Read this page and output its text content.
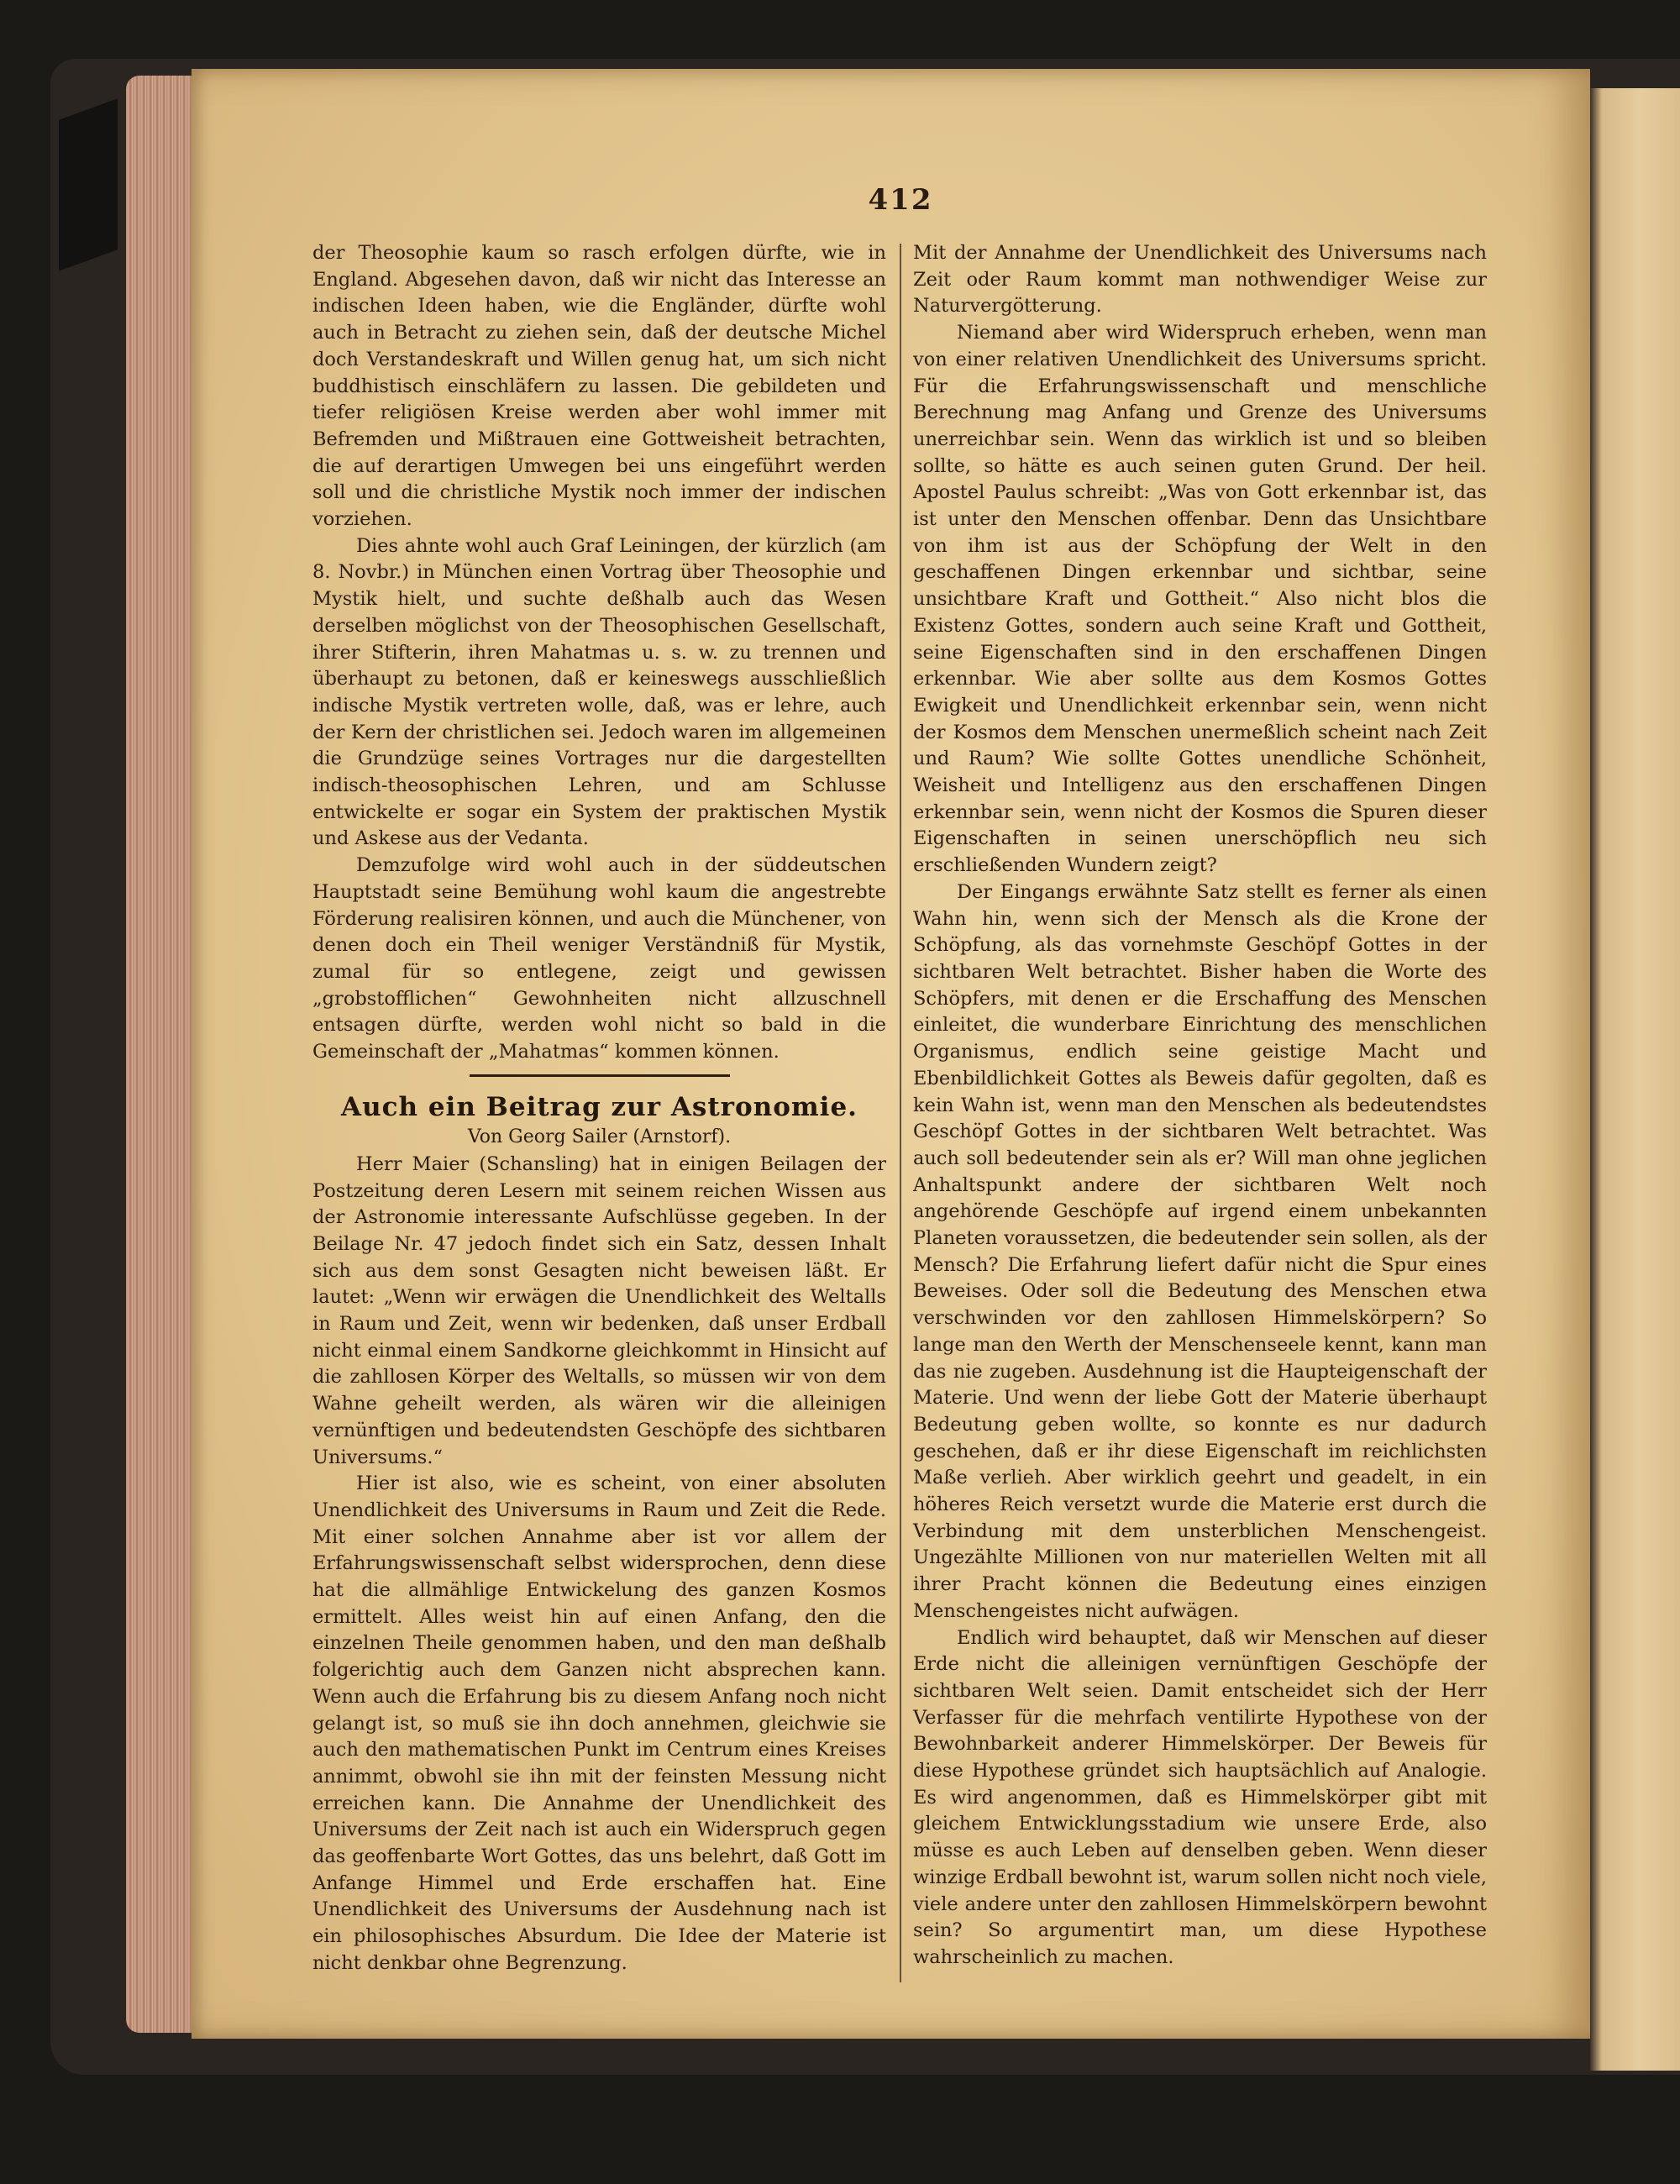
412

der Theosophie kaum so rasch erfolgen dürfte, wie in England. Abgesehen davon, daß wir nicht das Interesse an indischen Ideen haben, wie die Engländer, dürfte wohl auch in Betracht zu ziehen sein, daß der deutsche Michel doch Verstandeskraft und Willen genug hat, um sich nicht buddhistisch einschläfern zu lassen. Die gebildeten und tiefer religiösen Kreise werden aber wohl immer mit Befremden und Mißtrauen eine Gottweisheit betrachten, die auf derartigen Umwegen bei uns eingeführt werden soll und die christliche Mystik noch immer der indischen vorziehen.

Dies ahnte wohl auch Graf Leiningen, der kürzlich (am 8. Novbr.) in München einen Vortrag über Theosophie und Mystik hielt, und suchte deßhalb auch das Wesen derselben möglichst von der Theosophischen Gesellschaft, ihrer Stifterin, ihren Mahatmas u. s. w. zu trennen und überhaupt zu betonen, daß er keineswegs ausschließlich indische Mystik vertreten wolle, daß, was er lehre, auch der Kern der christlichen sei. Jedoch waren im allgemeinen die Grundzüge seines Vortrages nur die dargestellten indisch-theosophischen Lehren, und am Schlusse entwickelte er sogar ein System der praktischen Mystik und Askese aus der Vedanta.

Demzufolge wird wohl auch in der süddeutschen Hauptstadt seine Bemühung wohl kaum die angestrebte Förderung realisiren können, und auch die Münchener, von denen doch ein Theil weniger Verständniß für Mystik, zumal für so entlegene, zeigt und gewissen „grobstofflichen“ Gewohnheiten nicht allzuschnell entsagen dürfte, werden wohl nicht so bald in die Gemeinschaft der „Mahatmas“ kommen können.

Auch ein Beitrag zur Astronomie.
Von Georg Sailer (Arnstorf).

Herr Maier (Schansling) hat in einigen Beilagen der Postzeitung deren Lesern mit seinem reichen Wissen aus der Astronomie interessante Aufschlüsse gegeben. In der Beilage Nr. 47 jedoch findet sich ein Satz, dessen Inhalt sich aus dem sonst Gesagten nicht beweisen läßt. Er lautet: „Wenn wir erwägen die Unendlichkeit des Weltalls in Raum und Zeit, wenn wir bedenken, daß unser Erdball nicht einmal einem Sandkorne gleichkommt in Hinsicht auf die zahllosen Körper des Weltalls, so müssen wir von dem Wahne geheilt werden, als wären wir die alleinigen vernünftigen und bedeutendsten Geschöpfe des sichtbaren Universums.“

Hier ist also, wie es scheint, von einer absoluten Unendlichkeit des Universums in Raum und Zeit die Rede. Mit einer solchen Annahme aber ist vor allem der Erfahrungswissenschaft selbst widersprochen, denn diese hat die allmählige Entwickelung des ganzen Kosmos ermittelt. Alles weist hin auf einen Anfang, den die einzelnen Theile genommen haben, und den man deßhalb folgerichtig auch dem Ganzen nicht absprechen kann. Wenn auch die Erfahrung bis zu diesem Anfang noch nicht gelangt ist, so muß sie ihn doch annehmen, gleichwie sie auch den mathematischen Punkt im Centrum eines Kreises annimmt, obwohl sie ihn mit der feinsten Messung nicht erreichen kann. Die Annahme der Unendlichkeit des Universums der Zeit nach ist auch ein Widerspruch gegen das geoffenbarte Wort Gottes, das uns belehrt, daß Gott im Anfange Himmel und Erde erschaffen hat. Eine Unendlichkeit des Universums der Ausdehnung nach ist ein philosophisches Absurdum. Die Idee der Materie ist nicht denkbar ohne Begrenzung.

Mit der Annahme der Unendlichkeit des Universums nach Zeit oder Raum kommt man nothwendiger Weise zur Naturvergötterung.

Niemand aber wird Widerspruch erheben, wenn man von einer relativen Unendlichkeit des Universums spricht. Für die Erfahrungswissenschaft und menschliche Berechnung mag Anfang und Grenze des Universums unerreichbar sein. Wenn das wirklich ist und so bleiben sollte, so hätte es auch seinen guten Grund. Der heil. Apostel Paulus schreibt: „Was von Gott erkennbar ist, das ist unter den Menschen offenbar. Denn das Unsichtbare von ihm ist aus der Schöpfung der Welt in den geschaffenen Dingen erkennbar und sichtbar, seine unsichtbare Kraft und Gottheit.“ Also nicht blos die Existenz Gottes, sondern auch seine Kraft und Gottheit, seine Eigenschaften sind in den erschaffenen Dingen erkennbar. Wie aber sollte aus dem Kosmos Gottes Ewigkeit und Unendlichkeit erkennbar sein, wenn nicht der Kosmos dem Menschen unermeßlich scheint nach Zeit und Raum? Wie sollte Gottes unendliche Schönheit, Weisheit und Intelligenz aus den erschaffenen Dingen erkennbar sein, wenn nicht der Kosmos die Spuren dieser Eigenschaften in seinen unerschöpflich neu sich erschließenden Wundern zeigt?

Der Eingangs erwähnte Satz stellt es ferner als einen Wahn hin, wenn sich der Mensch als die Krone der Schöpfung, als das vornehmste Geschöpf Gottes in der sichtbaren Welt betrachtet. Bisher haben die Worte des Schöpfers, mit denen er die Erschaffung des Menschen einleitet, die wunderbare Einrichtung des menschlichen Organismus, endlich seine geistige Macht und Ebenbildlichkeit Gottes als Beweis dafür gegolten, daß es kein Wahn ist, wenn man den Menschen als bedeutendstes Geschöpf Gottes in der sichtbaren Welt betrachtet. Was auch soll bedeutender sein als er? Will man ohne jeglichen Anhaltspunkt andere der sichtbaren Welt noch angehörende Geschöpfe auf irgend einem unbekannten Planeten voraussetzen, die bedeutender sein sollen, als der Mensch? Die Erfahrung liefert dafür nicht die Spur eines Beweises. Oder soll die Bedeutung des Menschen etwa verschwinden vor den zahllosen Himmelskörpern? So lange man den Werth der Menschenseele kennt, kann man das nie zugeben. Ausdehnung ist die Haupteigenschaft der Materie. Und wenn der liebe Gott der Materie überhaupt Bedeutung geben wollte, so konnte es nur dadurch geschehen, daß er ihr diese Eigenschaft im reichlichsten Maße verlieh. Aber wirklich geehrt und geadelt, in ein höheres Reich versetzt wurde die Materie erst durch die Verbindung mit dem unsterblichen Menschengeist. Ungezählte Millionen von nur materiellen Welten mit all ihrer Pracht können die Bedeutung eines einzigen Menschengeistes nicht aufwägen.

Endlich wird behauptet, daß wir Menschen auf dieser Erde nicht die alleinigen vernünftigen Geschöpfe der sichtbaren Welt seien. Damit entscheidet sich der Herr Verfasser für die mehrfach ventilirte Hypothese von der Bewohnbarkeit anderer Himmelskörper. Der Beweis für diese Hypothese gründet sich hauptsächlich auf Analogie. Es wird angenommen, daß es Himmelskörper gibt mit gleichem Entwicklungsstadium wie unsere Erde, also müsse es auch Leben auf denselben geben. Wenn dieser winzige Erdball bewohnt ist, warum sollen nicht noch viele, viele andere unter den zahllosen Himmelskörpern bewohnt sein? So argumentirt man, um diese Hypothese wahrscheinlich zu machen.
